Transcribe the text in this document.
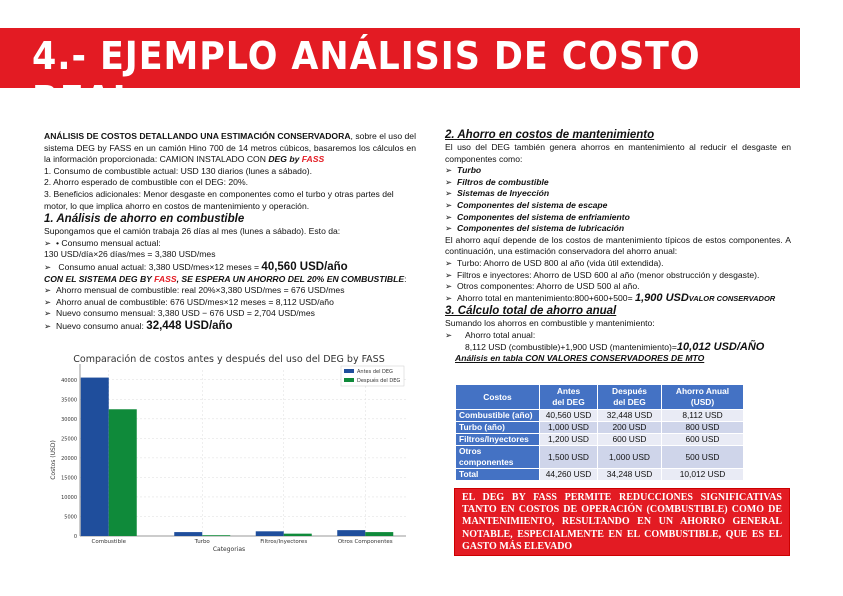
4.- EJEMPLO ANÁLISIS DE COSTO REAL

ANÁLISIS DE COSTOS DETALLANDO UNA ESTIMACIÓN CONSERVADORA, sobre el uso del sistema DEG by FASS en un camión Hino 700 de 14 metros cúbicos, basaremos los cálculos en la información proporcionada: CAMION INSTALADO CON DEG by FASS

1. Consumo de combustible actual: USD 130 diarios (lunes a sábado).

2. Ahorro esperado de combustible con el DEG: 20%.

3. Beneficios adicionales: Menor desgaste en componentes como el turbo y otras partes del motor, lo que implica ahorro en costos de mantenimiento y operación.

1. Análisis de ahorro en combustible

Supongamos que el camión trabaja 26 días al mes (lunes a sábado). Esto da:

➢ • Consumo mensual actual:

130 USD/día×26 días/mes = 3,380 USD/mes

➢ Consumo anual actual: 3,380 USD/mes×12 meses = 40,560 USD/año

CON EL SISTEMA DEG BY FASS, SE ESPERA UN AHORRO DEL 20% EN COMBUSTIBLE:

➢ Ahorro mensual de combustible: real 20%×3,380 USD/mes = 676 USD/mes

➢ Ahorro anual de combustible: 676 USD/mes×12 meses = 8,112 USD/año

➢ Nuevo consumo mensual: 3,380 USD − 676 USD = 2,704 USD/mes

➢ Nuevo consumo anual: 32,448 USD/año

Comparación de costos antes y después del uso del DEG by FASS
0
5000
10000
15000
20000
25000
30000
35000
40000
Combustible	Turbo	Filtros/Inyectores	Otros Componentes
Categorias
Costos (USD)
Antes del DEG
Después del DEG

2. Ahorro en costos de mantenimiento

El uso del DEG también genera ahorros en mantenimiento al reducir el desgaste en componentes como:

➢ Turbo

➢ Filtros de combustible

➢ Sistemas de Inyección

➢ Componentes del sistema de escape

➢ Componentes del sistema de enfriamiento

➢ Componentes del sistema de lubricación

El ahorro aquí depende de los costos de mantenimiento típicos de estos componentes. A continuación, una estimación conservadora del ahorro anual:

➢ Turbo: Ahorro de USD 800 al año (vida útil extendida).

➢ Filtros e inyectores: Ahorro de USD 600 al año (menor obstrucción y desgaste).

➢ Otros componentes: Ahorro de USD 500 al año.

➢ Ahorro total en mantenimiento:800+600+500= 1,900 USDVALOR CONSERVADOR

3. Cálculo total de ahorro anual

Sumando los ahorros en combustible y mantenimiento:

➢ Ahorro total anual:

8,112 USD (combustible)+1,900 USD (mantenimiento)=10,012 USD/AÑO

Análisis en tabla CON VALORES CONSERVADORES DE MTO

Costos	Antes del DEG	Después del DEG	Ahorro Anual (USD)
Combustible (año)	40,560 USD	32,448 USD	8,112 USD
Turbo (año)	1,000 USD	200 USD	800 USD
Filtros/Inyectores	1,200 USD	600 USD	600 USD
Otros componentes	1,500 USD	1,000 USD	500 USD
Total	44,260 USD	34,248 USD	10,012 USD
EL DEG BY FASS PERMITE REDUCCIONES SIGNIFICATIVAS TANTO EN COSTOS DE OPERACIÓN (COMBUSTIBLE) COMO DE MANTENIMIENTO, RESULTANDO EN UN AHORRO GENERAL NOTABLE, ESPECIALMENTE EN EL COMBUSTIBLE, QUE ES EL GASTO MÁS ELEVADO
